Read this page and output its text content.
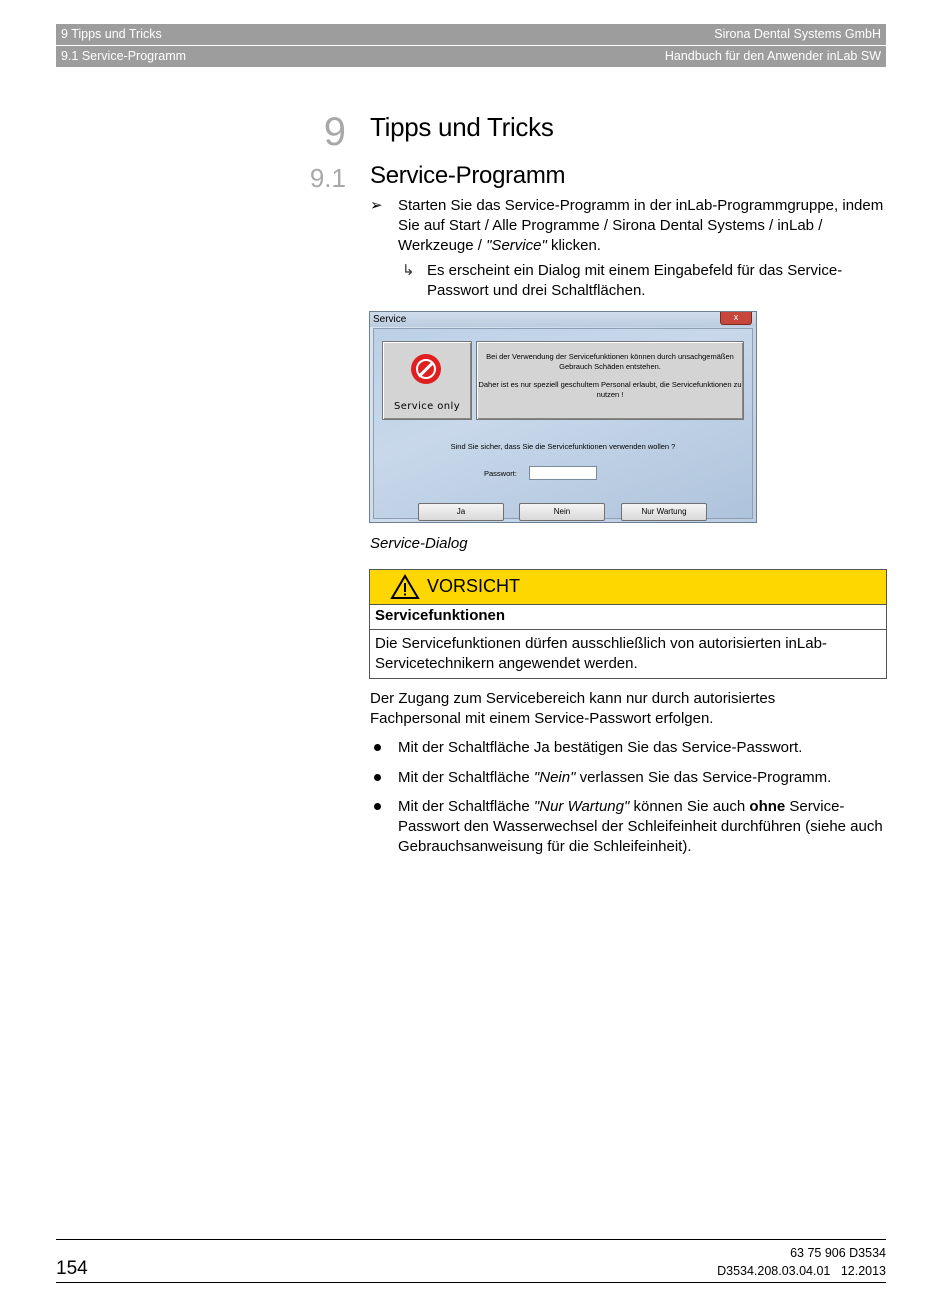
9 Tipps und Tricks	Sirona Dental Systems GmbH
9.1 Service-Programm	Handbuch für den Anwender inLab SW
9 Tipps und Tricks
9.1 Service-Programm
➢ Starten Sie das Service-Programm in der inLab-Programmgruppe, indem Sie auf Start / Alle Programme / Sirona Dental Systems / inLab / Werkzeuge / "Service" klicken.
↳ Es erscheint ein Dialog mit einem Eingabefeld für das Service-Passwort und drei Schaltflächen.
Service	x
Service only
Bei der Verwendung der Servicefunktionen können durch unsachgemäßen Gebrauch Schäden entstehen.
Daher ist es nur speziell geschultem Personal erlaubt, die Servicefunktionen zu nutzen !
Sind Sie sicher, dass Sie die Servicefunktionen verwenden wollen ?
Passwort:
Ja	Nein	Nur Wartung
Service-Dialog
VORSICHT
Servicefunktionen
Die Servicefunktionen dürfen ausschließlich von autorisierten inLab-Servicetechnikern angewendet werden.
Der Zugang zum Servicebereich kann nur durch autorisiertes Fachpersonal mit einem Service-Passwort erfolgen.
Mit der Schaltfläche Ja bestätigen Sie das Service-Passwort.
Mit der Schaltfläche "Nein" verlassen Sie das Service-Programm.
Mit der Schaltfläche "Nur Wartung" können Sie auch ohne Service-Passwort den Wasserwechsel der Schleifeinheit durchführen (siehe auch Gebrauchsanweisung für die Schleifeinheit).
154
63 75 906 D3534
D3534.208.03.04.01 12.2013
